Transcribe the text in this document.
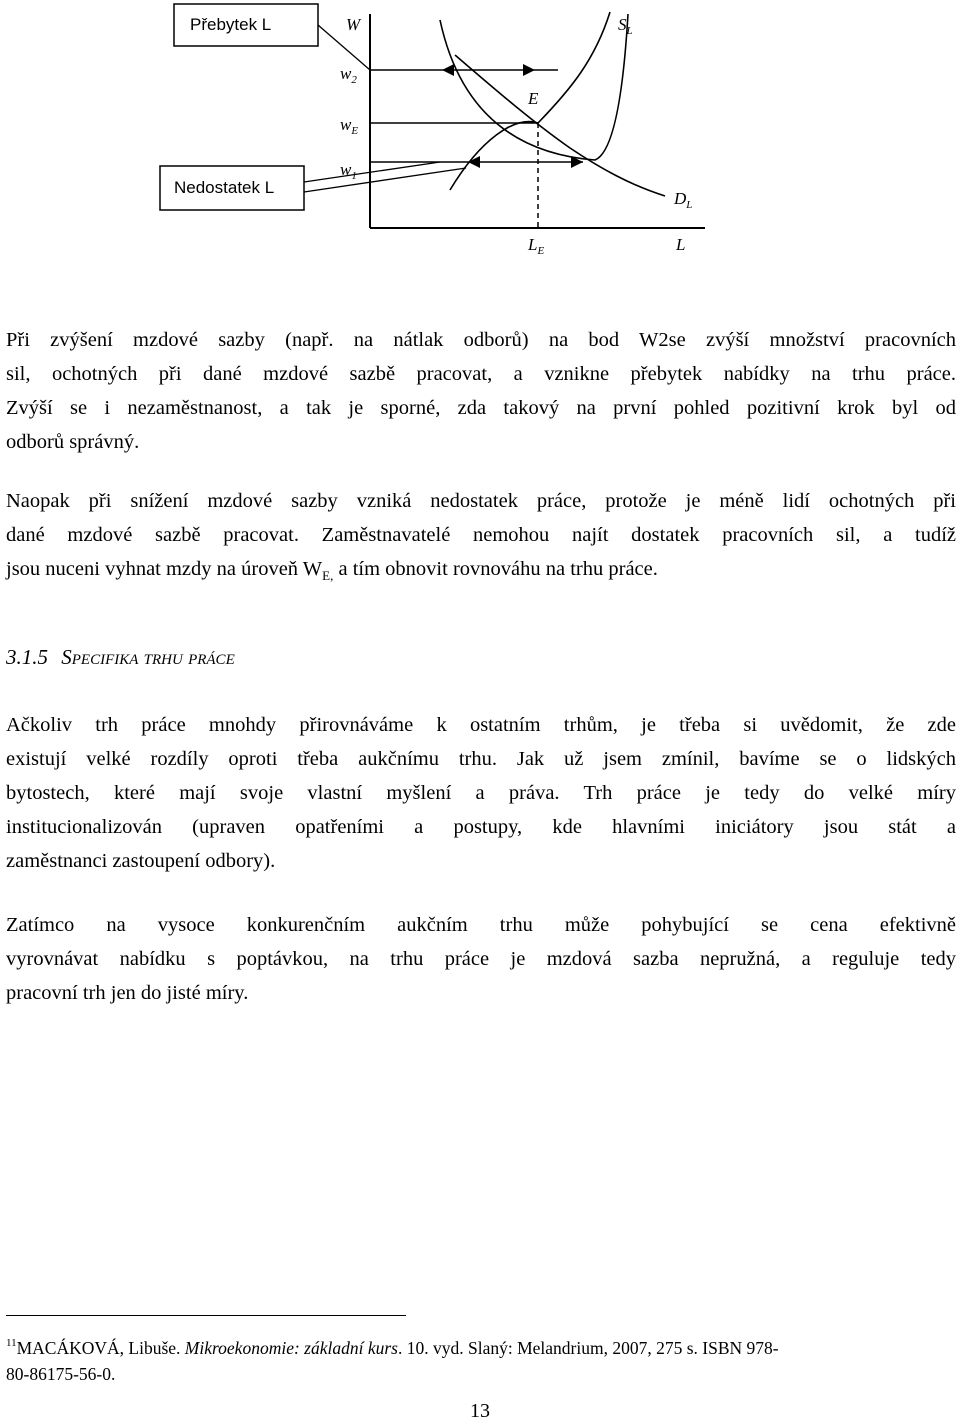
Přebytek L
Nedostatek L
W
L
$L_E$
$w_2$
$w_E$
$w_1$
$S_L$
$D_L$
E
Při zvýšení mzdové sazby (např. na nátlak odborů) na bod W2se zvýší množství pracovních
sil, ochotných při dané mzdové sazbě pracovat, a vznikne přebytek nabídky na trhu práce.
Zvýší se i nezaměstnanost, a tak je sporné, zda takový na první pohled pozitivní krok byl od
odborů správný.
Naopak při snížení mzdové sazby vzniká nedostatek práce, protože je méně lidí ochotných při
dané mzdové sazbě pracovat. Zaměstnavatelé nemohou najít dostatek pracovních sil, a tudíž
jsou nuceni vyhnat mzdy na úroveň $W_{E,}$ a tím obnovit rovnováhu na trhu práce.
3.1.5 Specifika trhu práce
Ačkoliv trh práce mnohdy přirovnáváme k ostatním trhům, je třeba si uvědomit, že zde
existují velké rozdíly oproti třeba aukčnímu trhu. Jak už jsem zmínil, bavíme se o lidských
bytostech, které mají svoje vlastní myšlení a práva. Trh práce je tedy do velké míry
institucionalizován (upraven opatřeními a postupy, kde hlavními iniciátory jsou stát a
zaměstnanci zastoupení odbory).
Zatímco na vysoce konkurenčním aukčním trhu může pohybující se cena efektivně
vyrovnávat nabídku s poptávkou, na trhu práce je mzdová sazba nepružná, a reguluje tedy
pracovní trh jen do jisté míry.
$^{11}$MACÁKOVÁ, Libuše. Mikroekonomie: základní kurs. 10. vyd. Slaný: Melandrium, 2007, 275 s. ISBN 978-
80-86175-56-0.
13
